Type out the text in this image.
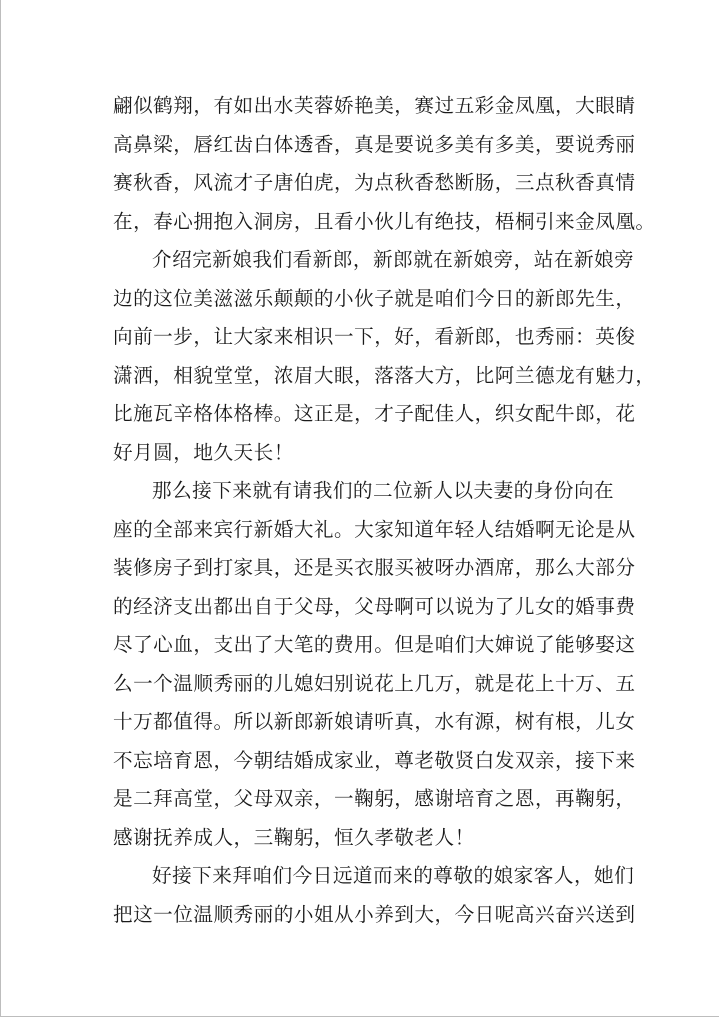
翩似鹤翔，有如出水芙蓉娇艳美，赛过五彩金凤凰，大眼睛
高鼻梁，唇红齿白体透香，真是要说多美有多美，要说秀丽
赛秋香，风流才子唐伯虎，为点秋香愁断肠，三点秋香真情
在，春心拥抱入洞房，且看小伙儿有绝技，梧桐引来金凤凰。
介绍完新娘我们看新郎，新郎就在新娘旁，站在新娘旁
边的这位美滋滋乐颠颠的小伙子就是咱们今日的新郎先生，
向前一步，让大家来相识一下，好，看新郎，也秀丽：英俊
潇洒，相貌堂堂，浓眉大眼，落落大方，比阿兰德龙有魅力，
比施瓦辛格体格棒。这正是，才子配佳人，织女配牛郎，花
好月圆，地久天长！
那么接下来就有请我们的二位新人以夫妻的身份向在
座的全部来宾行新婚大礼。大家知道年轻人结婚啊无论是从
装修房子到打家具，还是买衣服买被呀办酒席，那么大部分
的经济支出都出自于父母，父母啊可以说为了儿女的婚事费
尽了心血，支出了大笔的费用。但是咱们大婶说了能够娶这
么一个温顺秀丽的儿媳妇别说花上几万，就是花上十万、五
十万都值得。所以新郎新娘请听真，水有源，树有根，儿女
不忘培育恩，今朝结婚成家业，尊老敬贤白发双亲，接下来
是二拜高堂，父母双亲，一鞠躬，感谢培育之恩，再鞠躬，
感谢抚养成人，三鞠躬，恒久孝敬老人！
好接下来拜咱们今日远道而来的尊敬的娘家客人，她们
把这一位温顺秀丽的小姐从小养到大，今日呢高兴奋兴送到
